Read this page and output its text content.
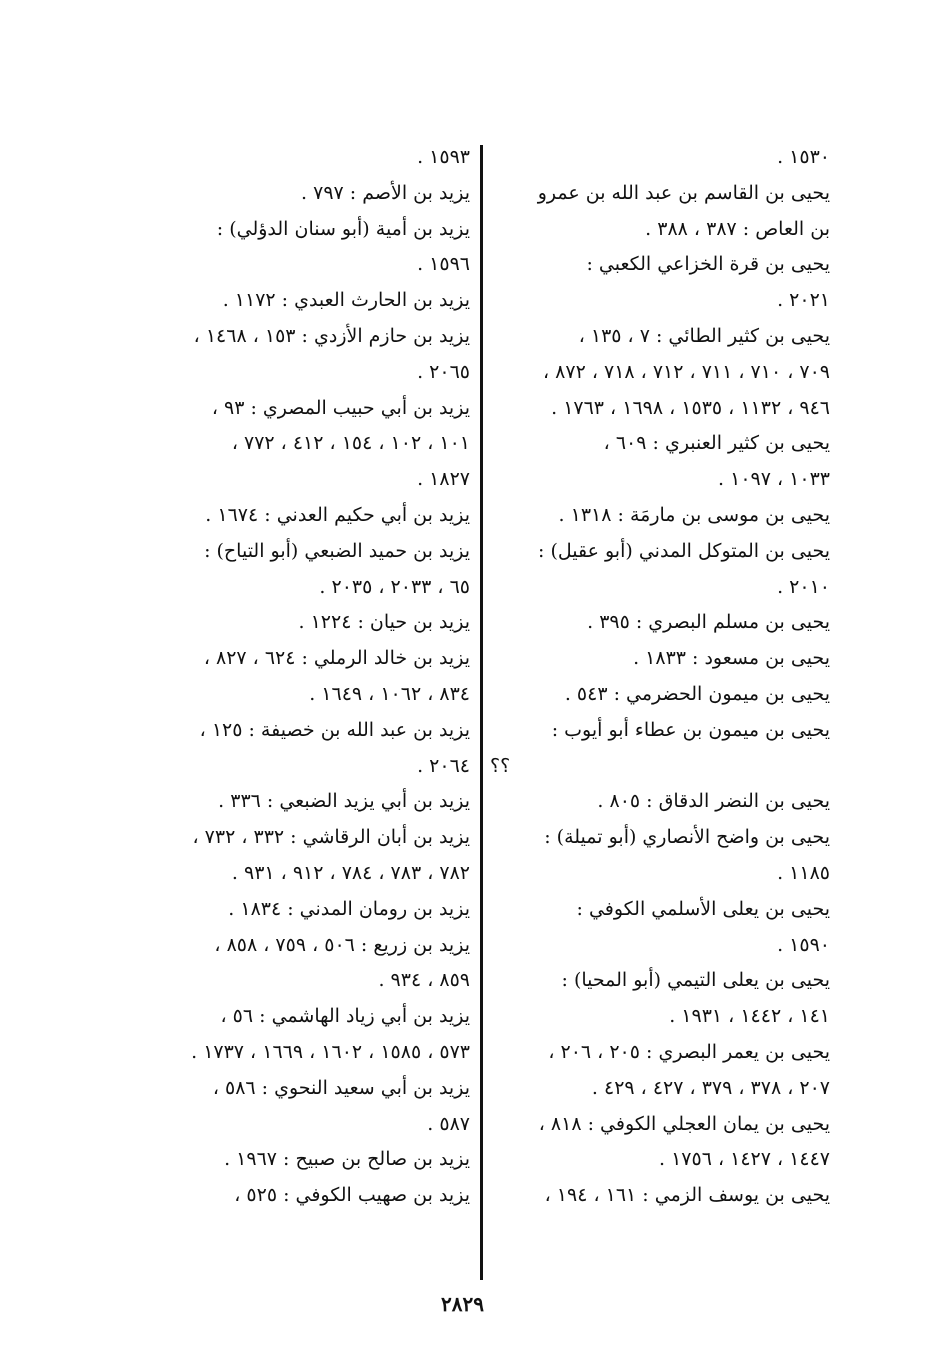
١٥٣٠ .
يحيى بن القاسم بن عبد الله بن عمرو
بن العاص : ٣٨٧ ، ٣٨٨ .
يحيى بن قرة الخزاعي الكعبي :
٢٠٢١ .
يحيى بن كثير الطائي : ٧ ، ١٣٥ ،
٧٠٩ ، ٧١٠ ، ٧١١ ، ٧١٢ ، ٧١٨ ، ٨٧٢ ،
٩٤٦ ، ١١٣٢ ، ١٥٣٥ ، ١٦٩٨ ، ١٧٦٣ .
يحيى بن كثير العنبري : ٦٠٩ ،
١٠٣٣ ، ١٠٩٧ .
يحيى بن موسى بن مارمَة : ١٣١٨ .
يحيى بن المتوكل المدني (أبو عقيل) :
٢٠١٠ .
يحيى بن مسلم البصري : ٣٩٥ .
يحيى بن مسعود : ١٨٣٣ .
يحيى بن ميمون الحضرمي : ٥٤٣ .
يحيى بن ميمون بن عطاء أبو أيوب :
؟؟
يحيى بن النضر الدقاق : ٨٠٥ .
يحيى بن واضح الأنصاري (أبو تميلة) :
١١٨٥ .
يحيى بن يعلى الأسلمي الكوفي :
١٥٩٠ .
يحيى بن يعلى التيمي (أبو المحيا) :
١٤١ ، ١٤٤٢ ، ١٩٣١ .
يحيى بن يعمر البصري : ٢٠٥ ، ٢٠٦ ،
٢٠٧ ، ٣٧٨ ، ٣٧٩ ، ٤٢٧ ، ٤٢٩ .
يحيى بن يمان العجلي الكوفي : ٨١٨ ،
١٤٤٧ ، ١٤٢٧ ، ١٧٥٦ .
يحيى بن يوسف الزمي : ١٦١ ، ١٩٤ ،
١٥٩٣ .
يزيد بن الأصم : ٧٩٧ .
يزيد بن أمية (أبو سنان الدؤلي) :
١٥٩٦ .
يزيد بن الحارث العبدي : ١١٧٢ .
يزيد بن حازم الأزدي : ١٥٣ ، ١٤٦٨ ،
٢٠٦٥ .
يزيد بن أبي حبيب المصري : ٩٣ ،
١٠١ ، ١٠٢ ، ١٥٤ ، ٤١٢ ، ٧٧٢ ،
١٨٢٧ .
يزيد بن أبي حكيم العدني : ١٦٧٤ .
يزيد بن حميد الضبعي (أبو التياح) :
٦٥ ، ٢٠٣٣ ، ٢٠٣٥ .
يزيد بن حيان : ١٢٢٤ .
يزيد بن خالد الرملي : ٦٢٤ ، ٨٢٧ ،
٨٣٤ ، ١٠٦٢ ، ١٦٤٩ .
يزيد بن عبد الله بن خصيفة : ١٢٥ ،
٢٠٦٤ .
يزيد بن أبي يزيد الضبعي : ٣٣٦ .
يزيد بن أبان الرقاشي : ٣٣٢ ، ٧٣٢ ،
٧٨٢ ، ٧٨٣ ، ٧٨٤ ، ٩١٢ ، ٩٣١ .
يزيد بن رومان المدني : ١٨٣٤ .
يزيد بن زريع : ٥٠٦ ، ٧٥٩ ، ٨٥٨ ،
٨٥٩ ، ٩٣٤ .
يزيد بن أبي زياد الهاشمي : ٥٦ ،
٥٧٣ ، ١٥٨٥ ، ١٦٠٢ ، ١٦٦٩ ، ١٧٣٧ .
يزيد بن أبي سعيد النحوي : ٥٨٦ ،
٥٨٧ .
يزيد بن صالح بن صبيح : ١٩٦٧ .
يزيد بن صهيب الكوفي : ٥٢٥ ،
٢٨٢٩
